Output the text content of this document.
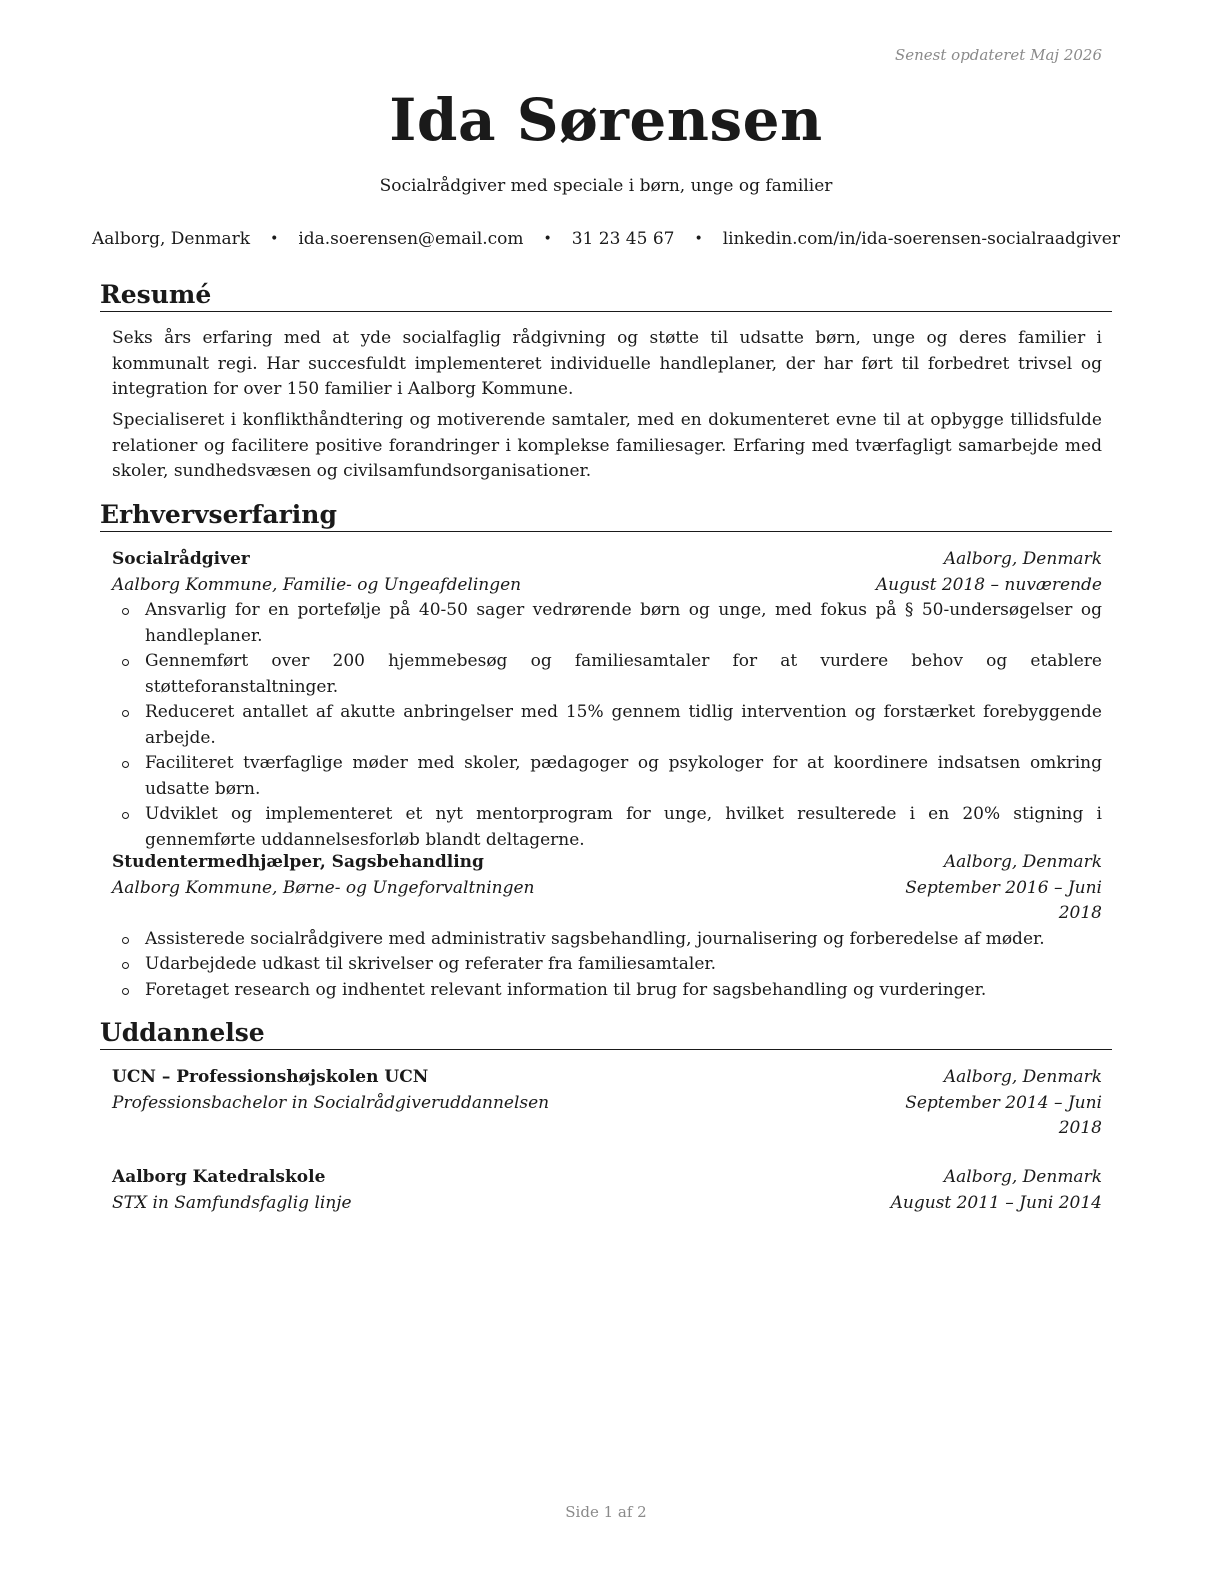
Senest opdateret Maj 2026
Ida Sørensen
Socialrådgiver med speciale i børn, unge og familier
Aalborg, Denmark • ida.soerensen@email.com • 31 23 45 67 • linkedin.com/in/ida-soerensen-socialraadgiver
Resumé
Seks års erfaring med at yde socialfaglig rådgivning og støtte til udsatte børn, unge og deres familier i kommunalt regi. Har succesfuldt implementeret individuelle handleplaner, der har ført til forbedret trivsel og integration for over 150 familier i Aalborg Kommune.
Specialiseret i konflikthåndtering og motiverende samtaler, med en dokumenteret evne til at opbygge tillidsfulde relationer og facilitere positive forandringer i komplekse familiesager. Erfaring med tværfagligt samarbejde med skoler, sundhedsvæsen og civilsamfundsorganisationer.
Erhvervserfaring
Socialrådgiver	Aalborg, Denmark
Aalborg Kommune, Familie- og Ungeafdelingen	August 2018 – nuværende
Ansvarlig for en portefølje på 40-50 sager vedrørende børn og unge, med fokus på § 50-undersøgelser og handleplaner.
Gennemført over 200 hjemmebesøg og familiesamtaler for at vurdere behov og etablere støtteforanstaltninger.
Reduceret antallet af akutte anbringelser med 15% gennem tidlig intervention og forstærket forebyggende arbejde.
Faciliteret tværfaglige møder med skoler, pædagoger og psykologer for at koordinere indsatsen omkring udsatte børn.
Udviklet og implementeret et nyt mentorprogram for unge, hvilket resulterede i en 20% stigning i gennemførte uddannelsesforløb blandt deltagerne.
Studentermedhjælper, Sagsbehandling	Aalborg, Denmark
Aalborg Kommune, Børne- og Ungeforvaltningen	September 2016 – Juni 2018
Assisterede socialrådgivere med administrativ sagsbehandling, journalisering og forberedelse af møder.
Udarbejdede udkast til skrivelser og referater fra familiesamtaler.
Foretaget research og indhentet relevant information til brug for sagsbehandling og vurderinger.
Uddannelse
UCN – Professionshøjskolen UCN	Aalborg, Denmark
Professionsbachelor in Socialrådgiveruddannelsen	September 2014 – Juni 2018
Aalborg Katedralskole	Aalborg, Denmark
STX in Samfundsfaglig linje	August 2011 – Juni 2014
Side 1 af 2
